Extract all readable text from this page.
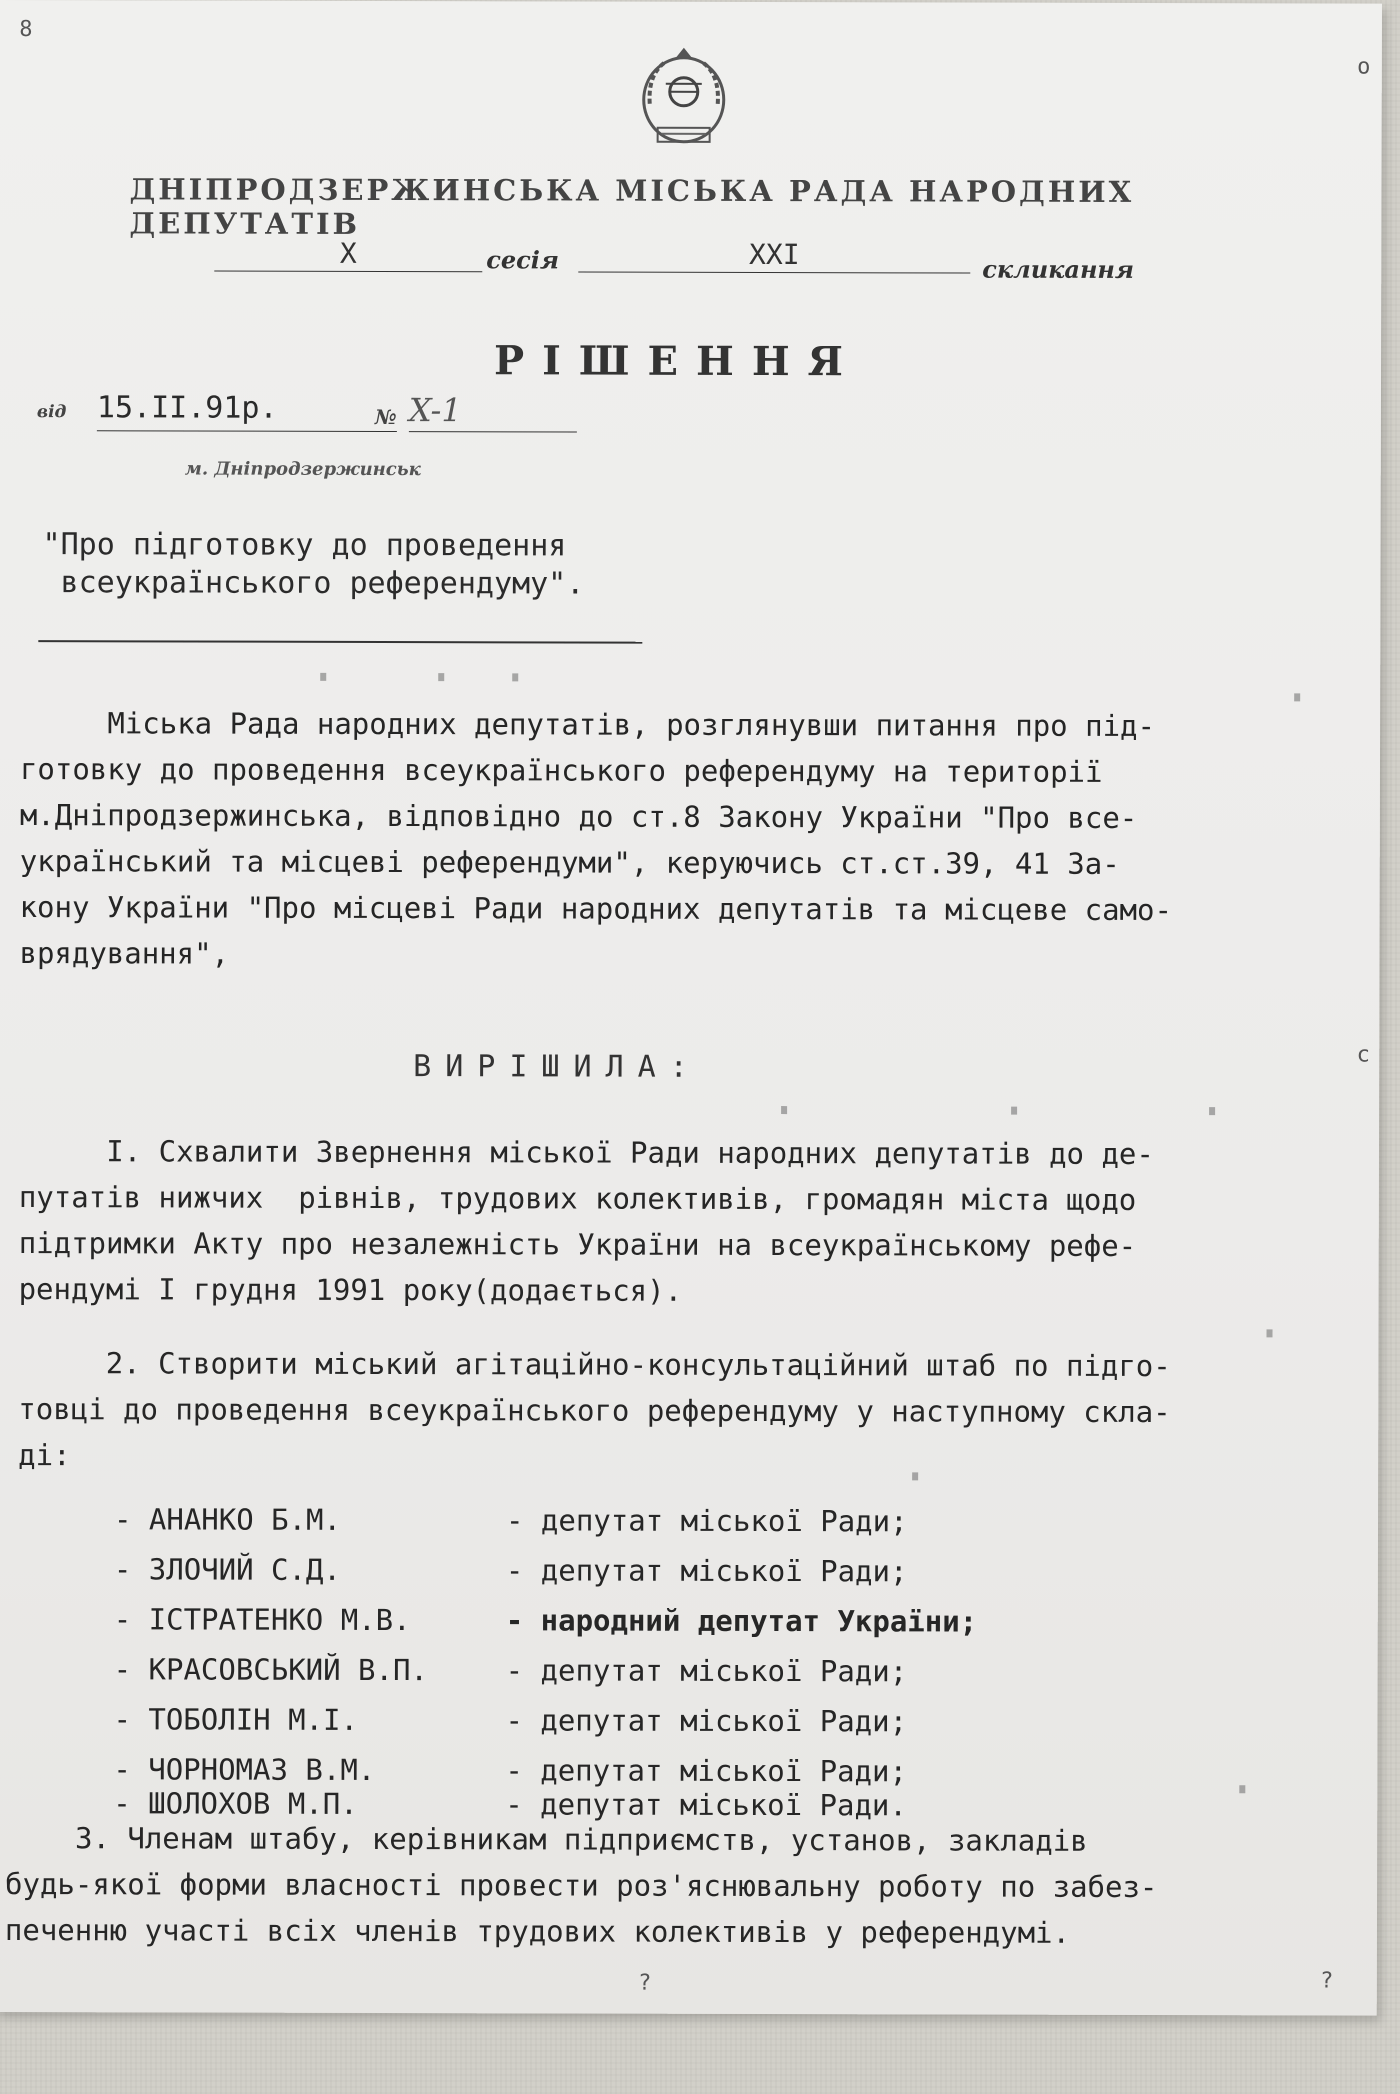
8
o
c
?	?
ДНІПРОДЗЕРЖИНСЬКА МІСЬКА РАДА НАРОДНИХ ДЕПУТАТІВ
X	сесія	XXI	скликання
РІШЕННЯ
від 15.II.91р.	№ X-1
м. Дніпродзержинськ
"Про підготовку до проведення
всеукраїнського референдуму".
Міська Рада народних депутатів, розглянувши питання про під-
готовку до проведення всеукраїнського референдуму на території
м.Дніпродзержинська, відповідно до ст.8 Закону України "Про все-
український та місцеві референдуми", керуючись ст.ст.39, 41 За-
кону України "Про місцеві Ради народних депутатів та місцеве само-
врядування",
ВИРІШИЛА:
І. Схвалити Звернення міської Ради народних депутатів до де-
путатів нижчих  рівнів, трудових колективів, громадян міста щодо
підтримки Акту про незалежність України на всеукраїнському рефе-
рендумі І грудня 1991 року(додається).
2. Створити міський агітаційно-консультаційний штаб по підго-
товці до проведення всеукраїнського референдуму у наступному скла-
ді:
- АНАНКО Б.М.	- депутат міської Ради;
- ЗЛОЧИЙ С.Д.	- депутат міської Ради;
- ІСТРАТЕНКО М.В.	- народний депутат України;
- КРАСОВСЬКИЙ В.П.	- депутат міської Ради;
- ТОБОЛІН М.І.	- депутат міської Ради;
- ЧОРНОМАЗ В.М.	- депутат міської Ради;
- ШОЛОХОВ М.П.	- депутат міської Ради.
3. Членам штабу, керівникам підприємств, установ, закладів
будь-якої форми власності провести роз'яснювальну роботу по забез-
печенню участі всіх членів трудових колективів у референдумі.
